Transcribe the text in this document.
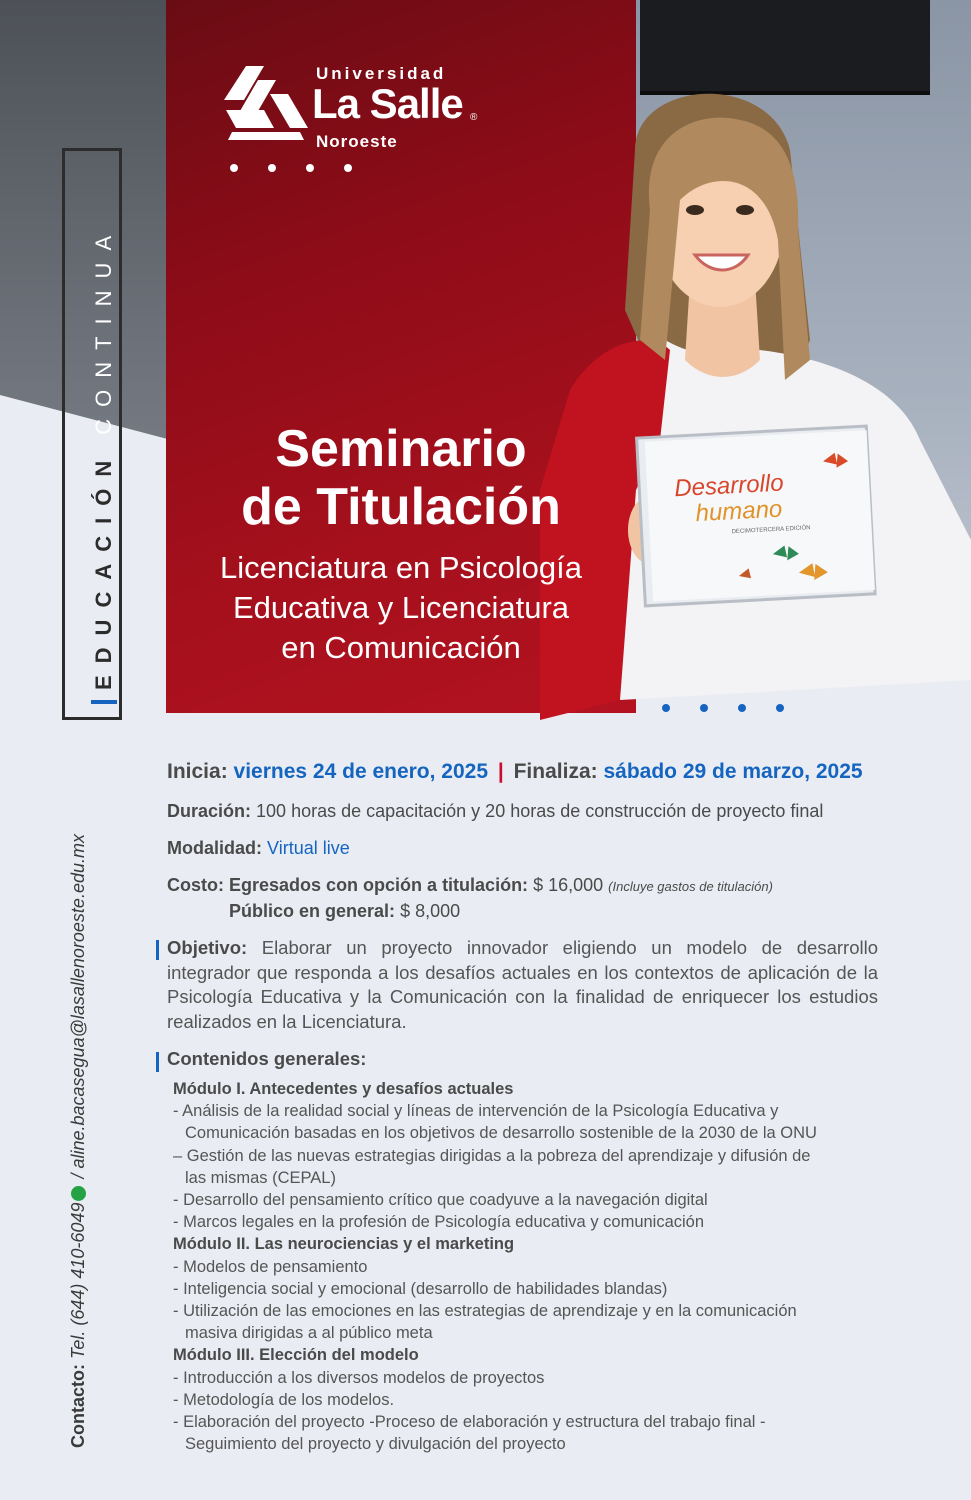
Desarrollo
humano
DECIMOTERCERA EDICIÓN
Universidad
La Salle ®
Noroeste
EDUCACIÓN
CONTINUA
Seminario
de Titulación
Licenciatura en Psicología
Educativa y Licenciatura
en Comunicación
Contacto: Tel. (644) 410-6049 / aline.bacasegua@lasallenoroeste.edu.mx
Inicia: viernes 24 de enero, 2025 | Finaliza: sábado 29 de marzo, 2025
Duración: 100 horas de capacitación y 20 horas de construcción de proyecto final
Modalidad: Virtual live
Costo: Egresados con opción a titulación: $ 16,000 (Incluye gastos de titulación)
Público en general: $ 8,000
Objetivo: Elaborar un proyecto innovador eligiendo un modelo de desarrollo integrador que responda a los desafíos actuales en los contextos de aplicación de la Psicología Educativa y la Comunicación con la finalidad de enriquecer los estudios realizados en la Licenciatura.
Contenidos generales:
Módulo I. Antecedentes y desafíos actuales
- Análisis de la realidad social y líneas de intervención de la Psicología Educativa y
Comunicación basadas en los objetivos de desarrollo sostenible de la 2030 de la ONU
– Gestión de las nuevas estrategias dirigidas a la pobreza del aprendizaje y difusión de
las mismas (CEPAL)
- Desarrollo del pensamiento crítico que coadyuve a la navegación digital
- Marcos legales en la profesión de Psicología educativa y comunicación
Módulo II. Las neurociencias y el marketing
- Modelos de pensamiento
- Inteligencia social y emocional (desarrollo de habilidades blandas)
- Utilización de las emociones en las estrategias de aprendizaje y en la comunicación
masiva dirigidas a al público meta
Módulo III. Elección del modelo
- Introducción a los diversos modelos de proyectos
- Metodología de los modelos.
- Elaboración del proyecto -Proceso de elaboración y estructura del trabajo final -
Seguimiento del proyecto y divulgación del proyecto
